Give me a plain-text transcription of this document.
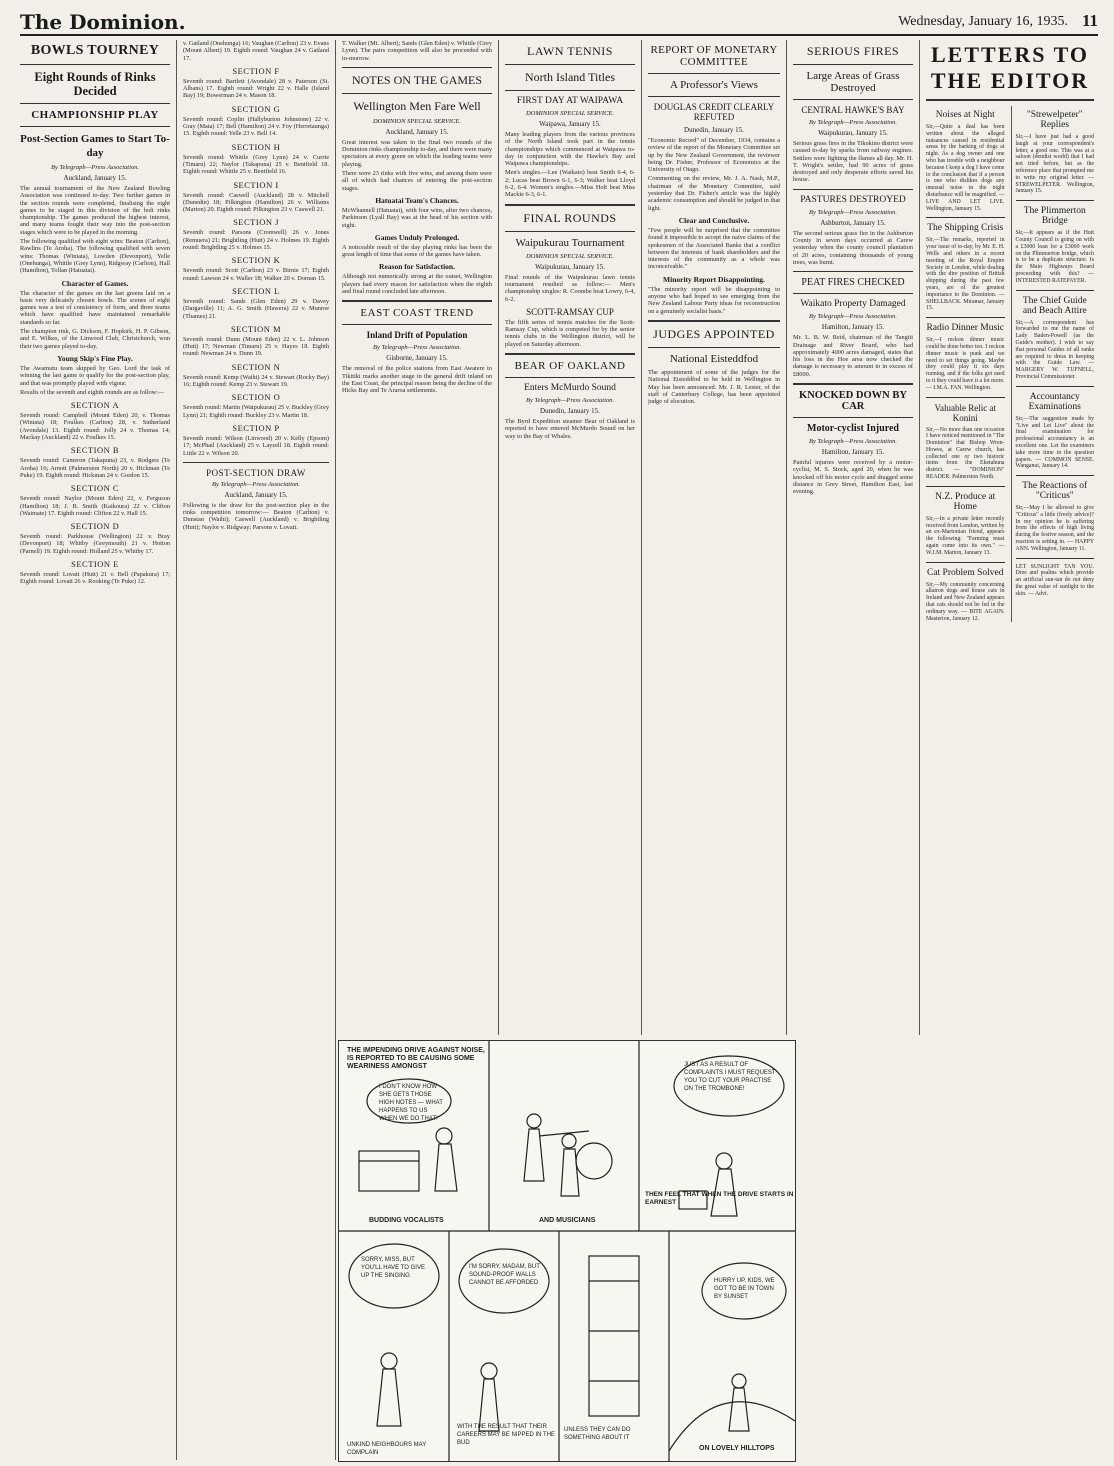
The Dominion.	Wednesday, January 16, 1935. 11
BOWLS TOURNEY
Eight Rounds of Rinks Decided
CHAMPIONSHIP PLAY
Post-Section Games to Start To-day
By Telegraph—Press Association.
Auckland, January 15.

The annual tournament of the New Zealand Bowling Association was continued to-day. Two further games in the section rounds were completed, finalising the eight games to be staged in this division of the bolt rinks championship. The games produced the highest interest, and many teams fought their way into the post-section stages which were to be played in the morning.

The following qualified with eight wins: Beaton (Carlton), Rawlins (Te Aroha). The following qualified with seven wins: Thomas (Winiata), Lowden (Devonport), Yelle (Onehunga), Whittle (Grey Lynn), Ridgway (Carlton), Hall (Hamilton), Tollan (Hatuatai).

Character of Games.

The character of the games on the last greens laid on a basis very delicately chosen bowls. The scenes of eight games was a test of consistency of form, and three teams which have qualified have maintained remarkable standards so far.

The champion rink, G. Dickson, F. Hopkirk, H. P. Gibson, and E. Wilkes, of the Linwood Club, Christchurch, won their two games played to-day.

Young Skip's Fine Play.

The Awamutu team skipped by Geo. Lord the task of winning the last game to qualify for the post-section play, and that was promptly played with vigour.

Results of the seventh and eighth rounds are as follow:—

SECTION A

Seventh round: Campbell (Mount Eden) 20, v. Thomas (Winiata) 18; Foulkes (Carlton) 28, v. Sutherland (Avondale) 13. Eighth round: Jolly 24 v. Thomas 14; Mackay (Auckland) 22 v. Foulkes 15.

SECTION B

Seventh round: Cameron (Takapuna) 23, v. Rodgers (Te Aroha) 16; Arnott (Palmerston North) 20 v. Hickman (Te Puke) 19. Eighth round: Hickman 24 v. Gordon 15.

SECTION C

Seventh round: Naylor (Mount Eden) 22, v. Ferguson (Hamilton) 18; J. B. Smith (Kaikoura) 22 v. Clifton (Waimate) 17. Eighth round: Clifton 22 v. Hall 15.

SECTION D

Seventh round: Parkhouse (Wellington) 22 v. Bray (Devonport) 18; Whitby (Greymouth) 21 v. Hotton (Parnell) 19. Eighth round: Holland 25 v. Whitby 17.

SECTION E

Seventh round: Lovatt (Hutt) 21 v. Bell (Papakura) 17; Eighth round: Lovatt 26 v. Rooking (Te Puke) 12.

v. Gatland (Onehunga) 16; Vaughan (Carlton) 23 v. Evans (Mount Albert) 19. Eighth round: Vaughan 24 v. Gatland 17.

SECTION F

Seventh round: Bartlett (Avondale) 28 v. Paterson (St. Albans) 17. Eighth round: Wright 22 v. Halle (Island Bay) 19; Bowerman 24 v. Mason 18.

SECTION G

Seventh round: Coplin (Hallyburton Johnstone) 22 v. Gray (Mata) 17; Bell (Hamilton) 24 v. Foy (Herretaunga) 15. Eighth round: Yelle 23 v. Bell 14.

SECTION H

Seventh round: Whittle (Grey Lynn) 24 v. Currie (Timaru) 22; Naylor (Takapuna) 25 v. Bentfield 18. Eighth round: Whittle 25 v. Bentfield 16.

SECTION I

Seventh round: Caswell (Auckland) 28 v. Mitchell (Dunedin) 18; Pilkington (Hamilton) 26 v. Williams (Marton) 20. Eighth round: Pilkington 23 v. Caswell 21.

SECTION J

Seventh round: Parsons (Cromwell) 26 v. Jones (Remuera) 21; Brightling (Hutt) 24 v. Holmes 19. Eighth round: Brightling 25 v. Holmes 15.

SECTION K

Seventh round: Scott (Carlton) 23 v. Birnie 17; Eighth round: Lawson 24 v. Waller 18; Walker 20 v. Dornan 15.

SECTION L

Seventh round: Sands (Glen Eden) 29 v. Davey (Dargaville) 11; A. G. Smith (Hawera) 22 v. Munroe (Thames) 21.

SECTION M

Seventh round: Dunn (Mount Eden) 22 v. L. Johnson (Hutt) 17; Newman (Timaru) 25 v. Hayes 18. Eighth round: Newman 24 v. Dunn 19.

SECTION N

Seventh round: Kemp (Waihi) 24 v. Stewart (Rocky Bay) 16; Eighth round: Kemp 23 v. Stewart 19.

SECTION O

Seventh round: Martin (Waipukurau) 25 v. Buckley (Grey Lynn) 21; Eighth round: Buckley 23 v. Martin 18.

SECTION P

Seventh round: Wilson (Linwood) 20 v. Kelly (Epsom) 17; McPhail (Auckland) 25 v. Layzell 18. Eighth round: Little 22 v. Wilson 20.

POST-SECTION DRAW
By Telegraph—Press Association.
Auckland, January 15.

Following is the draw for the post-section play in the rinks competition tomorrow:— Beaton (Carlton) v. Dunstan (Waihi); Caswell (Auckland) v. Brightling (Hutt); Naylor v. Ridgway; Parsons v. Lovatt.

T. Walker (Mt. Albert); Sands (Glen Eden) v. Whittle (Grey Lynn). The pairs competition will also be proceeded with to-morrow.

NOTES ON THE GAMES
Wellington Men Fare Well
DOMINION SPECIAL SERVICE.
Auckland, January 15.

Great interest was taken in the final two rounds of the Dominion rinks championship to-day, and there were many spectators at every green on which the leading teams were playing.

There were 23 rinks with five wins, and among them were all of which had chances of entering the post-section stages.

Hatuatai Team's Chances.

McWhannell (Hatuatai), with four wins, after two chances, Parkinson (Lyall Bay) was at the head of his section with eight.

Games Unduly Prolonged.

A noticeable result of the day playing rinks has been the great length of time that some of the games have taken.

Reason for Satisfaction.

Although not numerically strong at the outset, Wellington players had every reason for satisfaction when the eighth and final round concluded late afternoon.

EAST COAST TREND
Inland Drift of Population
By Telegraph—Press Association.
Gisborne, January 15.

The removal of the police stations from East Awatere to Tikitiki marks another stage in the general drift inland on the East Coast, the principal reason being the decline of the Hicks Bay and Te Araroa settlements.

LAWN TENNIS
North Island Titles
FIRST DAY AT WAIPAWA
DOMINION SPECIAL SERVICE.
Waipawa, January 15.

Many leading players from the various provinces of the North Island took part in the tennis championships which commenced at Waipawa to-day in conjunction with the Hawke's Bay and Waipawa championships.

Men's singles.—Lee (Waikato) beat Smith 6-4, 6-2; Lucas beat Brown 6-1, 6-3; Walker beat Lloyd 6-2, 6-4. Women's singles.—Miss Holt beat Miss Mackie 6-3, 6-1.

FINAL ROUNDS
Waipukurau Tournament
DOMINION SPECIAL SERVICE.
Waipukurau, January 15.

Final rounds of the Waipukurau lawn tennis tournament resulted as follow:— Men's championship singles: R. Coombe beat Lowry, 6-4, 6-2.

SCOTT-RAMSAY CUP

The fifth series of tennis matches for the Scott-Ramsay Cup, which is competed for by the senior tennis clubs in the Wellington district, will be played on Saturday afternoon.

BEAR OF OAKLAND
Enters McMurdo Sound
By Telegraph—Press Association.
Dunedin, January 15.

The Byrd Expedition steamer Bear of Oakland is reported to have entered McMurdo Sound on her way to the Bay of Whales.

REPORT OF MONETARY COMMITTEE
A Professor's Views
DOUGLAS CREDIT CLEARLY REFUTED
Dunedin, January 15.

"Economic Record" of December, 1934, contains a review of the report of the Monetary Committee set up by the New Zealand Government, the reviewer being Dr. Fisher, Professor of Economics at the University of Otago.

Commenting on the review, Mr. J. A. Nash, M.P., chairman of the Monetary Committee, said yesterday that Dr. Fisher's article was the highly academic consumption and should be judged in that light.

Clear and Conclusive.

"Few people will be surprised that the committee found it impossible to accept the naive claims of the spokesmen of the Associated Banks that a conflict between the interests of bank shareholders and the interests of the community as a whole was inconceivable."

Minority Report Disappointing.

"The minority report will be disappointing to anyone who had hoped to see emerging from the New Zealand Labour Party ideas for reconstruction on a genuinely socialist basis."

JUDGES APPOINTED
National Eisteddfod

The appointment of some of the judges for the National Eisteddfod to be held in Wellington in May has been announced. Mr. J. R. Lester, of the staff of Canterbury College, has been appointed judge of elocution.

SERIOUS FIRES
Large Areas of Grass Destroyed
CENTRAL HAWKE'S BAY
By Telegraph—Press Association.
Waipukurau, January 15.

Serious grass fires in the Tikokino district were caused to-day by sparks from railway engines. Settlers were fighting the flames all day. Mr. H. T. Wright's settler, had 90 acres of grass destroyed and only desperate efforts saved his house.

PASTURES DESTROYED
By Telegraph—Press Association.
Ashburton, January 15.

The second serious grass fire in the Ashburton County in seven days occurred at Carew yesterday when the county council plantation of 20 acres, containing thousands of young trees, was burnt.

PEAT FIRES CHECKED
Waikato Property Damaged
By Telegraph—Press Association.
Hamilton, January 15.

Mr. L. B. W. Reid, chairman of the Tangiti Drainage and River Board, who had approximately 4000 acres damaged, states that his loss in the Hoe area now checked the damage is necessary to amount to in excess of £8000.

KNOCKED DOWN BY CAR
Motor-cyclist Injured
By Telegraph—Press Association.
Hamilton, January 15.

Painful injuries were received by a motor-cyclist, M. S. Stock, aged 20, when he was knocked off his motor cycle and dragged some distance in Grey Street, Hamilton East, last evening.

LETTERS TO THE EDITOR
Noises at Night

Sir,—Quite a deal has been written about the alleged nuisances caused in residential areas by the barking of dogs at night. As a dog owner and one who has trouble with a neighbour because I keep a dog I have come to the conclusion that if a person is one who dislikes dogs any unusual noise in the night disturbance will be magnified. — LIVE AND LET LIVE. Wellington, January 15.

The Shipping Crisis

Sir,—The remarks, reported in your issue of to-day, by Mr. E. H. Wells and others in a recent meeting of the Royal Empire Society in London, while dealing with the dire position of British shipping during the past few years, are of the greatest importance to the Dominion. — SHELLBACK. Miramar, January 15.

Radio Dinner Music

Sir,—I reckon dinner music could be done better too. I reckon dinner music is punk and we need to set things going. Maybe they could play it six days running, and if the folks got used to it they could have it a lot more. — I.M.A. FAN. Wellington.

Valuable Relic at Konini

Sir,—No more than one occasion I have noticed mentioned in "The Dominion" that Bishop Wren-Howes, at Carew church, has collected one or two historic items from the Eketahuna district. — "DOMINION" READER. Palmerston North.

N.Z. Produce at Home

Sir,—In a private letter recently received from London, written by an ex-Martonian friend, appears the following: "Farming must again come into its own." — W.J.M. Marton, January 13.

Cat Problem Solved

Sir,—My community concerning allatron dogs and house cats in Ireland and New Zealand appears that cats should not be fed in the ordinary way. — BITE AGAIN. Masterton, January 12.

"Strewelpeter" Replies

Sir,—I have just had a good laugh at your correspondent's letter, a good one. This was at a saloon (dendist world) that I had not tried before, but as the reference place that prompted me to write my original letter. — STREWELPETER. Wellington, January 15.

The Plimmerton Bridge

Sir,—It appears as if the Hutt County Council is going on with a £3000 loan for a £3000 work on the Plimmerton bridge, which is to be a duplicate structure. Is the Main Highways Board proceeding with this? — INTERESTED RATEPAYER.

The Chief Guide and Beach Attire

Sir,—A correspondent has forwarded to me the name of Lady Baden-Powell (as the Guide's mother). I wish to say that personal Guides of all ranks are required to dress in keeping with the Guide Law. — MARGERY W. TUFNELL, Provincial Commissioner.

Accountancy Examinations

Sir,—The suggestion made by "Live and Let Live" about the final examination for professional accountancy is an excellent one. Let the examiners take more time in the question papers. — COMMON SENSE. Wanganui, January 14.

The Reactions of "Criticus"

Sir,—May I be allowed to give "Criticus" a little (freely advice)? In my opinion he is suffering from the effects of high living during the festive season, and the reaction is setting in. — HAPPY ANN. Wellington, January 11.

LET SUNLIGHT TAN YOU. Dree and psalms which provide an artificial sun-tan do not deny the great value of sunlight to the skin. — Advt.

THE IMPENDING DRIVE AGAINST NOISE, IS REPORTED TO BE CAUSING SOME WEARINESS AMONGST
I DON'T KNOW HOW SHE GETS THOSE HIGH NOTES — WHAT HAPPENS TO US WHEN WE DO THAT!
BUDDING VOCALISTS	AND MUSICIANS
JUST AS A RESULT OF COMPLAINTS I MUST REQUEST YOU TO CUT YOUR PRACTISE ON THE TROMBONE!
THEN FEEL THAT WHEN THE DRIVE STARTS IN EARNEST
SORRY, MISS, BUT YOU'LL HAVE TO GIVE UP THE SINGING
I'M SORRY, MADAM, BUT SOUND-PROOF WALLS CANNOT BE AFFORDED	HURRY UP, KIDS, WE GOT TO BE IN TOWN BY SUNSET
UNLESS THEY CAN DO SOMETHING ABOUT IT
WITH THE RESULT THAT THEIR CAREERS MAY BE NIPPED IN THE BUD
UNKIND NEIGHBOURS MAY COMPLAIN
ON LOVELY HILLTOPS
